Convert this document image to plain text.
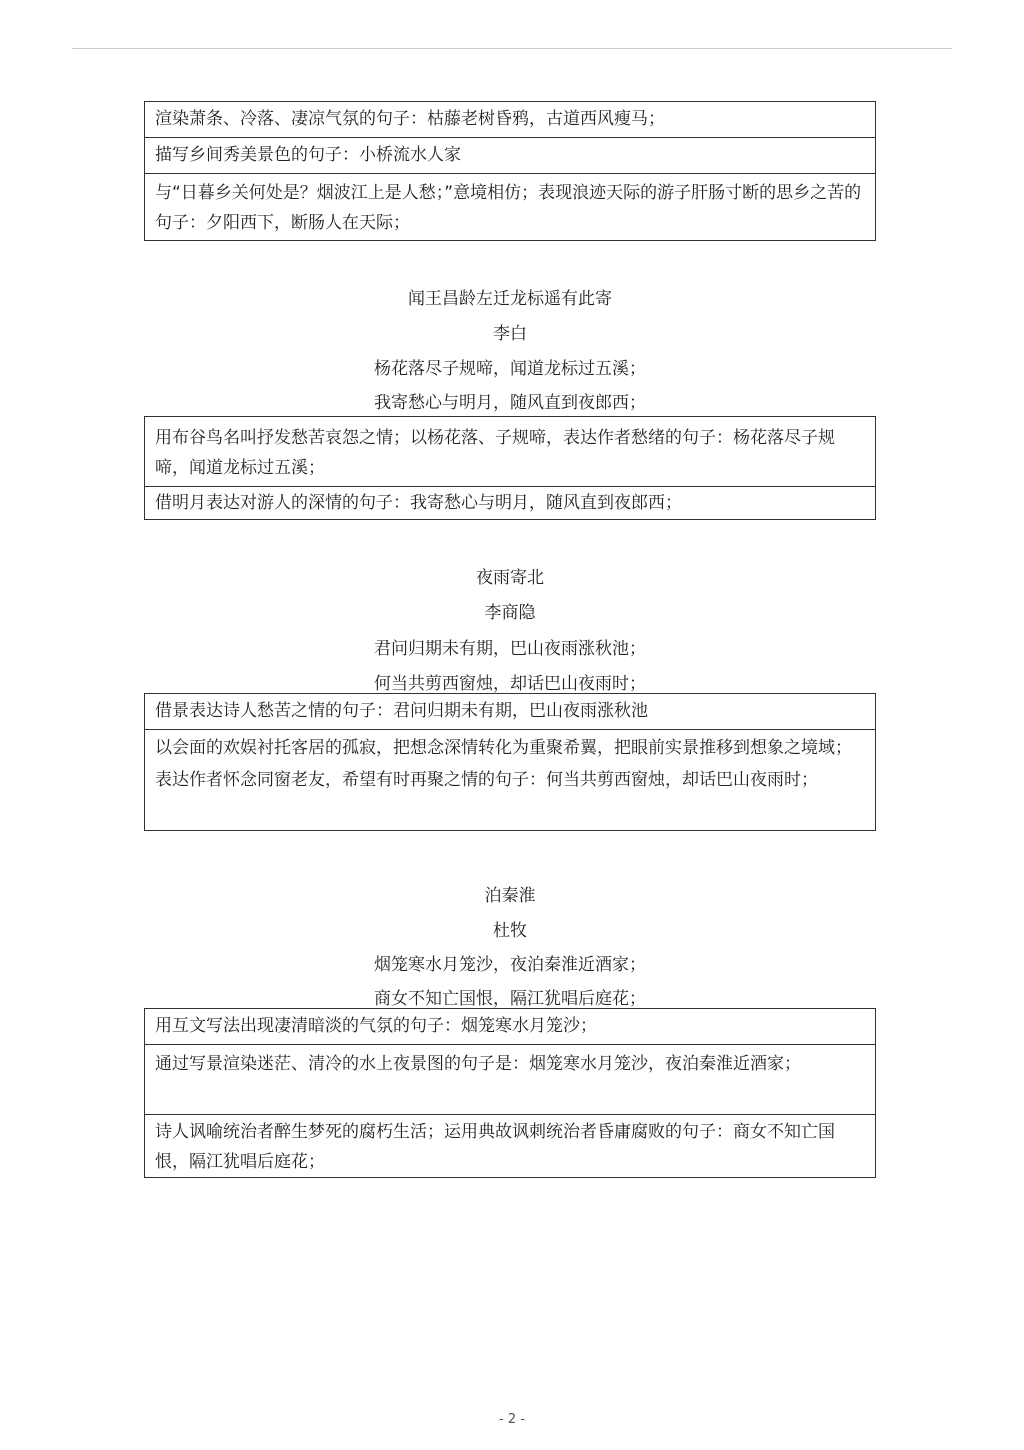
渲染萧条、冷落、凄凉气氛的句子：枯藤老树昏鸦，古道西风瘦马；
描写乡间秀美景色的句子：小桥流水人家
与“日暮乡关何处是？烟波江上是人愁；”意境相仿；表现浪迹天际的游子肝肠寸断的思乡之苦的句子：夕阳西下，断肠人在天际；
闻王昌龄左迁龙标遥有此寄
李白
杨花落尽子规啼，闻道龙标过五溪；
我寄愁心与明月，随风直到夜郎西；
用布谷鸟名叫抒发愁苦哀怨之情；以杨花落、子规啼，表达作者愁绪的句子：杨花落尽子规啼，闻道龙标过五溪；
借明月表达对游人的深情的句子：我寄愁心与明月，随风直到夜郎西；
夜雨寄北
李商隐
君问归期未有期，巴山夜雨涨秋池；
何当共剪西窗烛，却话巴山夜雨时；
借景表达诗人愁苦之情的句子：君问归期未有期，巴山夜雨涨秋池
以会面的欢娱衬托客居的孤寂，把想念深情转化为重聚希翼，把眼前实景推移到想象之境域；表达作者怀念同窗老友，希望有时再聚之情的句子：何当共剪西窗烛，却话巴山夜雨时；
泊秦淮
杜牧
烟笼寒水月笼沙，夜泊秦淮近酒家；
商女不知亡国恨，隔江犹唱后庭花；
用互文写法出现凄清暗淡的气氛的句子：烟笼寒水月笼沙；
通过写景渲染迷茫、清冷的水上夜景图的句子是：烟笼寒水月笼沙，夜泊秦淮近酒家；
诗人讽喻统治者醉生梦死的腐朽生活；运用典故讽刺统治者昏庸腐败的句子：商女不知亡国恨，隔江犹唱后庭花；
- 2 -
